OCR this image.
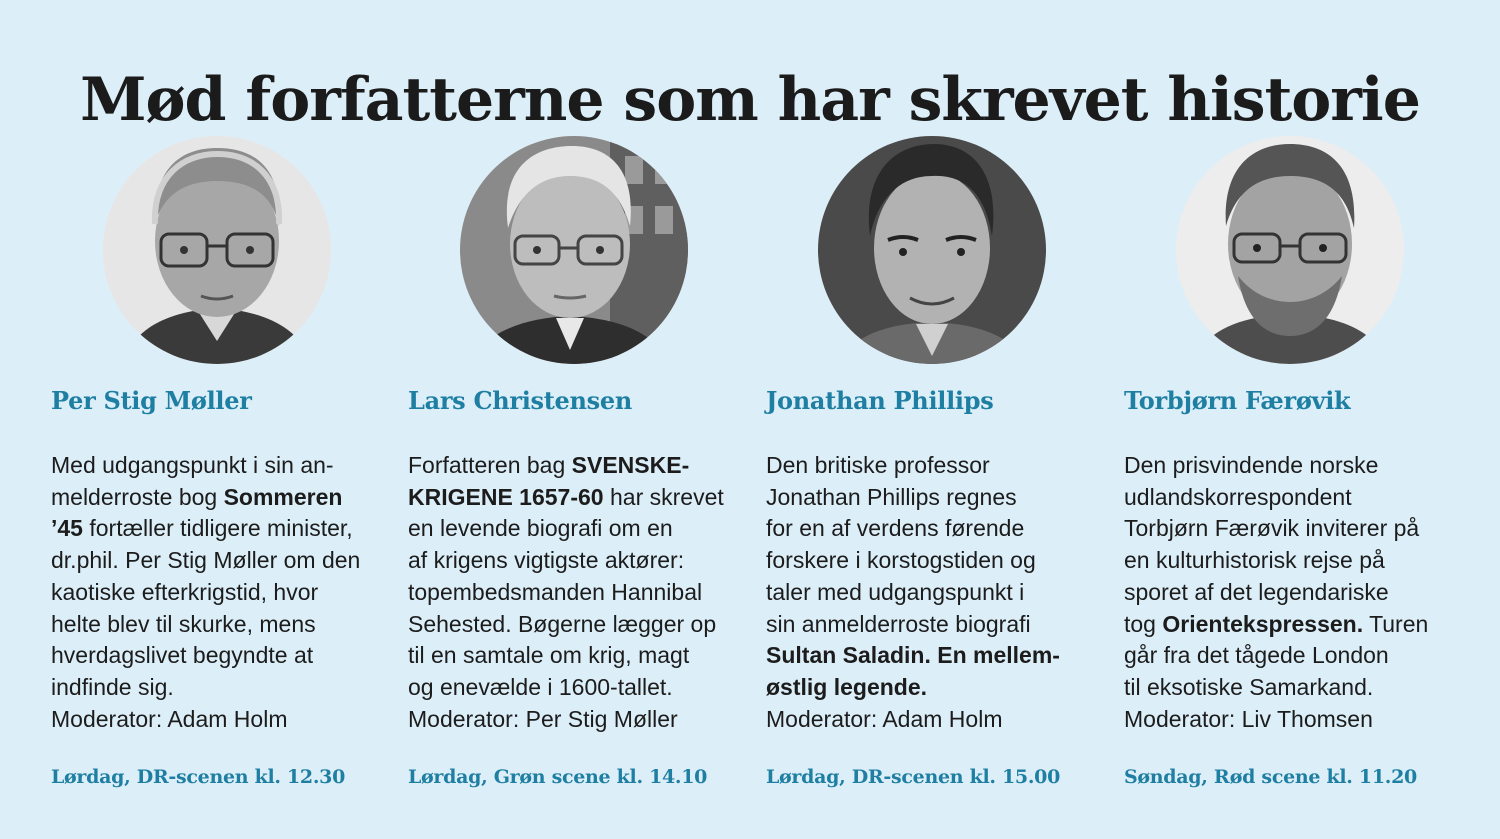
Mød forfatterne som har skrevet historie
Per Stig Møller
Med udgangspunkt i sin an-
melderroste bog Sommeren
’45 fortæller tidligere minister,
dr.phil. Per Stig Møller om den
kaotiske efterkrigstid, hvor
helte blev til skurke, mens
hverdagslivet begyndte at
indfinde sig.
Moderator: Adam Holm
Lørdag, DR-scenen kl. 12.30
Lars Christensen
Forfatteren bag SVENSKE-
KRIGENE 1657-60 har skrevet
en levende biografi om en
af krigens vigtigste aktører:
topembedsmanden Hannibal
Sehested. Bøgerne lægger op
til en samtale om krig, magt
og enevælde i 1600-tallet.
Moderator: Per Stig Møller
Lørdag, Grøn scene kl. 14.10
Jonathan Phillips
Den britiske professor
Jonathan Phillips regnes
for en af verdens førende
forskere i korstogstiden og
taler med udgangspunkt i
sin anmelderroste biografi
Sultan Saladin. En mellem-
østlig legende.
Moderator: Adam Holm
Lørdag, DR-scenen kl. 15.00
Torbjørn Færøvik
Den prisvindende norske
udlandskorrespondent
Torbjørn Færøvik inviterer på
en kulturhistorisk rejse på
sporet af det legendariske
tog Orientekspressen. Turen
går fra det tågede London
til eksotiske Samarkand.
Moderator: Liv Thomsen
Søndag, Rød scene kl. 11.20
